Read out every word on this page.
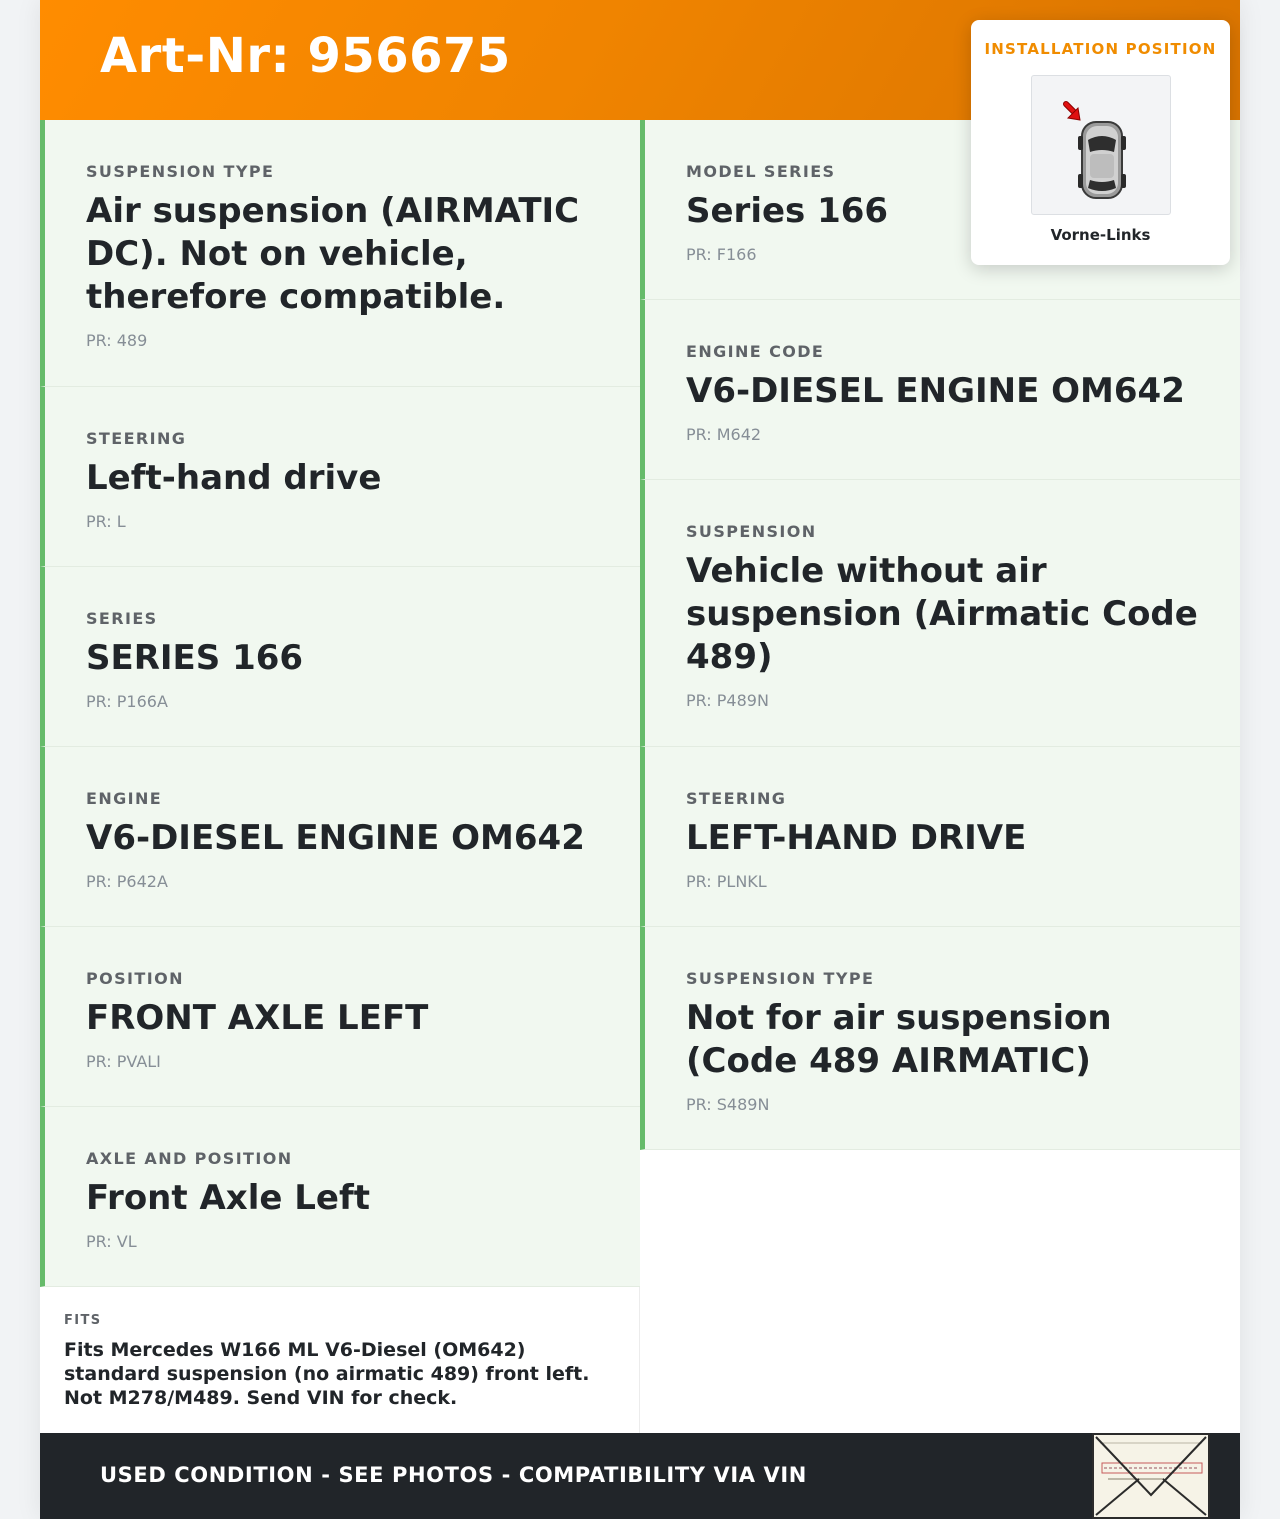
Art-Nr: 956675
SUSPENSION TYPE
Air suspension (AIRMATIC DC). Not on vehicle, therefore compatible.
PR: 489
STEERING
Left-hand drive
PR: L
SERIES
SERIES 166
PR: P166A
ENGINE
V6-DIESEL ENGINE OM642
PR: P642A
POSITION
FRONT AXLE LEFT
PR: PVALI
AXLE AND POSITION
Front Axle Left
PR: VL
MODEL SERIES
Series 166
PR: F166
ENGINE CODE
V6-DIESEL ENGINE OM642
PR: M642
SUSPENSION
Vehicle without air suspension (Airmatic Code 489)
PR: P489N
STEERING
LEFT-HAND DRIVE
PR: PLNKL
SUSPENSION TYPE
Not for air suspension (Code 489 AIRMATIC)
PR: S489N
FITS
Fits Mercedes W166 ML V6-Diesel (OM642) standard suspension (no airmatic 489) front left. Not M278/M489. Send VIN for check.
USED CONDITION - SEE PHOTOS - COMPATIBILITY VIA VIN
INSTALLATION POSITION
Vorne-Links
